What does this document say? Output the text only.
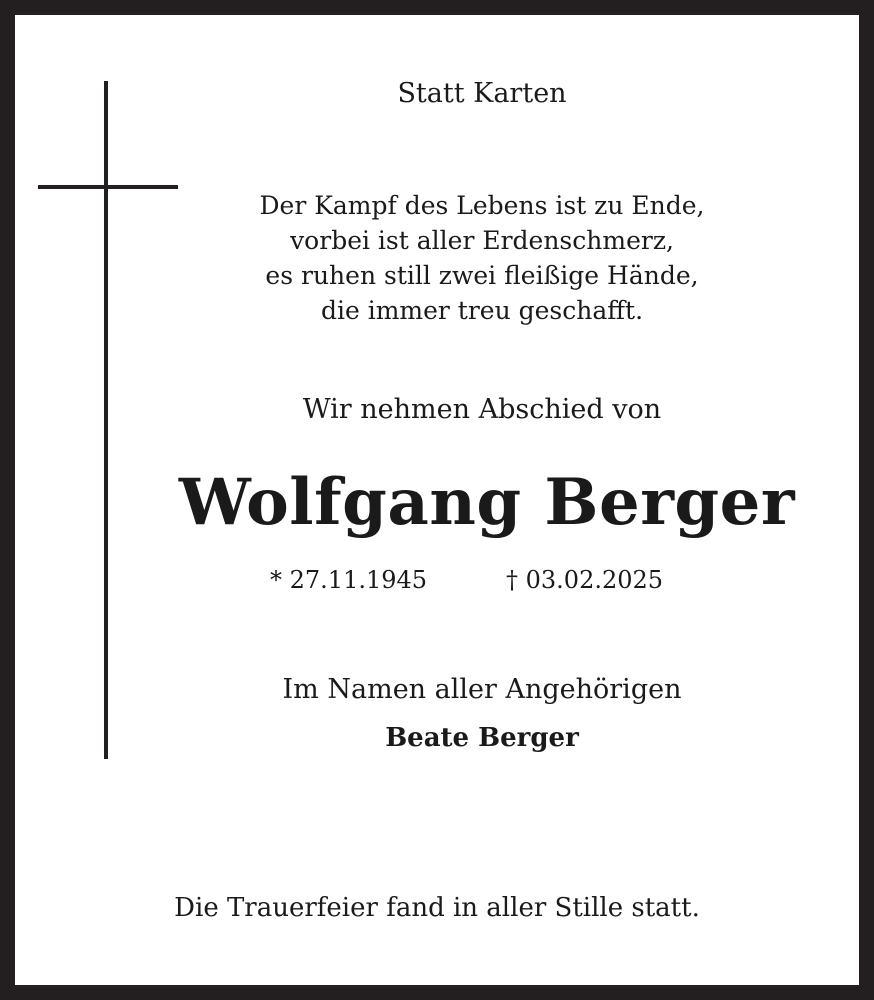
Statt Karten
Der Kampf des Lebens ist zu Ende,
vorbei ist aller Erdenschmerz,
es ruhen still zwei fleißige Hände,
die immer treu geschafft.
Wir nehmen Abschied von
Wolfgang Berger
* 27.11.1945	† 03.02.2025
Im Namen aller Angehörigen
Beate Berger
Die Trauerfeier fand in aller Stille statt.
